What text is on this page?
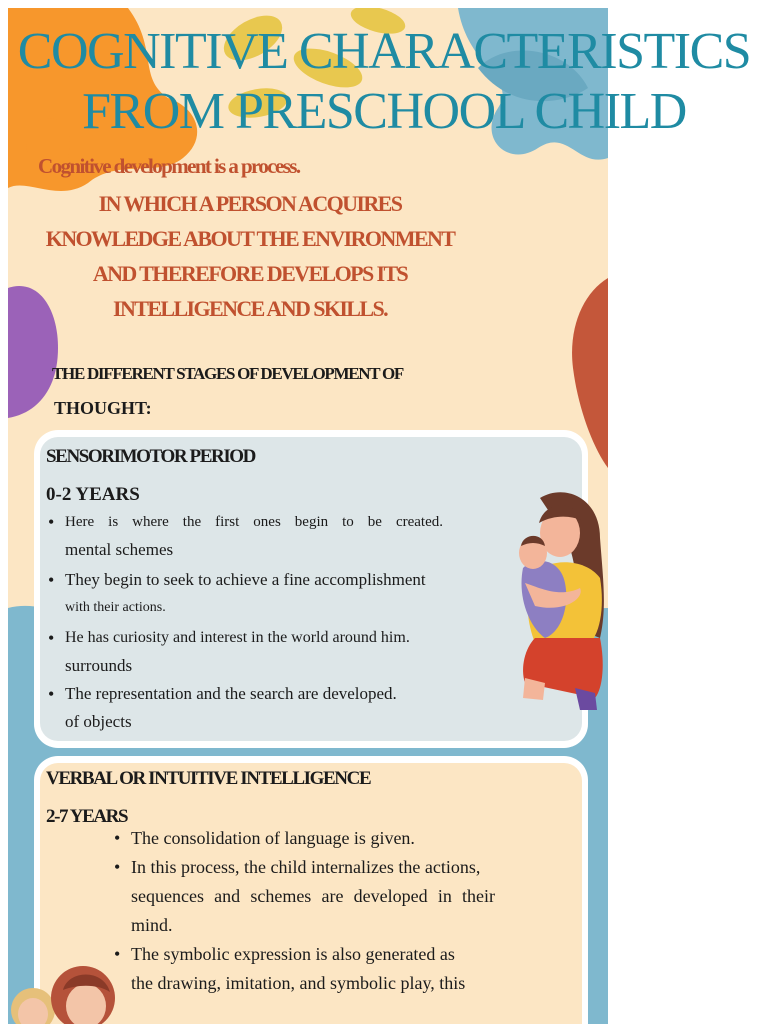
COGNITIVE CHARACTERISTICS
FROM PRESCHOOL CHILD
Cognitive development is a process.
IN WHICH A PERSON ACQUIRES
KNOWLEDGE ABOUT THE ENVIRONMENT
AND THEREFORE DEVELOPS ITS
INTELLIGENCE AND SKILLS.
THE DIFFERENT STAGES OF DEVELOPMENT OF
THOUGHT:
SENSORIMOTOR PERIOD
0-2 YEARS
• Here is where the first ones begin to be created.
mental schemes
• They begin to seek to achieve a fine accomplishment
with their actions.
• He has curiosity and interest in the world around him.
surrounds
• The representation and the search are developed.
of objects
VERBAL OR INTUITIVE INTELLIGENCE
2-7 YEARS
• The consolidation of language is given.
• In this process, the child internalizes the actions,
sequences and schemes are developed in their
mind.
• The symbolic expression is also generated as
the drawing, imitation, and symbolic play, this
